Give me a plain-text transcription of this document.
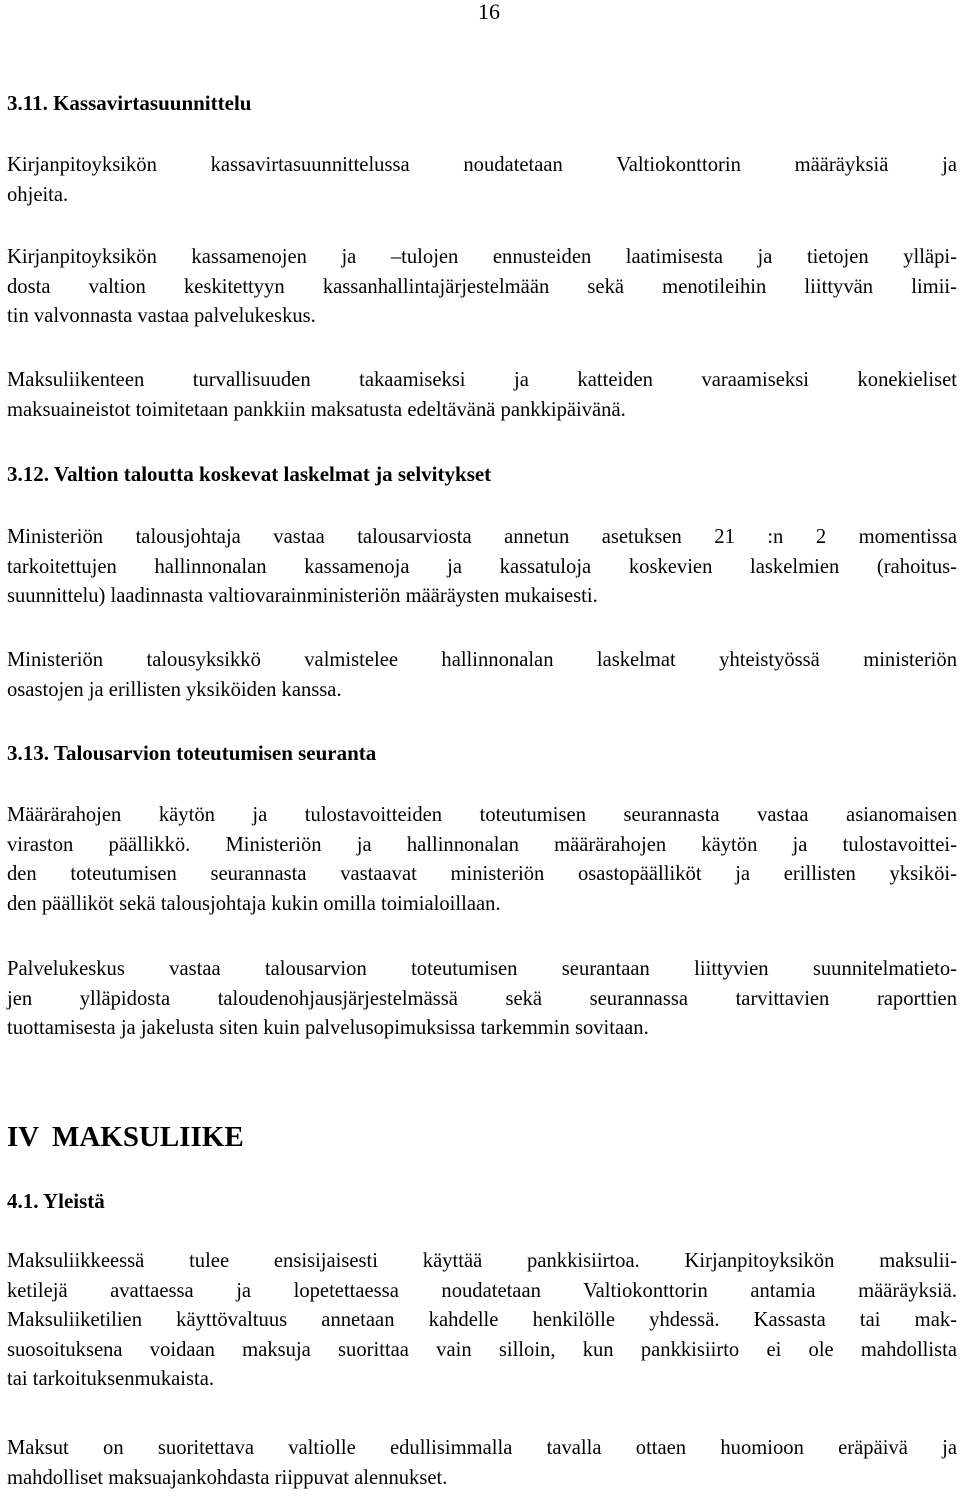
16
3.11. Kassavirtasuunnittelu

Kirjanpitoyksikön kassavirtasuunnittelussa noudatetaan Valtiokonttorin määräyksiä ja
ohjeita.

Kirjanpitoyksikön kassamenojen ja –tulojen ennusteiden laatimisesta ja tietojen ylläpi-
dosta valtion keskitettyyn kassanhallintajärjestelmään sekä menotileihin liittyvän limii-
tin valvonnasta vastaa palvelukeskus.

Maksuliikenteen turvallisuuden takaamiseksi ja katteiden varaamiseksi konekieliset
maksuaineistot toimitetaan pankkiin maksatusta edeltävänä pankkipäivänä.

3.12. Valtion taloutta koskevat laskelmat ja selvitykset

Ministeriön talousjohtaja vastaa talousarviosta annetun asetuksen 21 :n 2 momentissa
tarkoitettujen hallinnonalan kassamenoja ja kassatuloja koskevien laskelmien (rahoitus-
suunnittelu) laadinnasta valtiovarainministeriön määräysten mukaisesti.

Ministeriön talousyksikkö valmistelee hallinnonalan laskelmat yhteistyössä ministeriön
osastojen ja erillisten yksiköiden kanssa.

3.13. Talousarvion toteutumisen seuranta

Määrärahojen käytön ja tulostavoitteiden toteutumisen seurannasta vastaa asianomaisen
viraston päällikkö. Ministeriön ja hallinnonalan määrärahojen käytön ja tulostavoittei-
den toteutumisen seurannasta vastaavat ministeriön osastopäälliköt ja erillisten yksiköi-
den päälliköt sekä talousjohtaja kukin omilla toimialoillaan.

Palvelukeskus vastaa talousarvion toteutumisen seurantaan liittyvien suunnitelmatieto-
jen ylläpidosta taloudenohjausjärjestelmässä sekä seurannassa tarvittavien raporttien
tuottamisesta ja jakelusta siten kuin palvelusopimuksissa tarkemmin sovitaan.

IV MAKSULIIKE
4.1. Yleistä

Maksuliikkeessä tulee ensisijaisesti käyttää pankkisiirtoa. Kirjanpitoyksikön maksulii-
ketilejä avattaessa ja lopetettaessa noudatetaan Valtiokonttorin antamia määräyksiä.
Maksuliiketilien käyttövaltuus annetaan kahdelle henkilölle yhdessä. Kassasta tai mak-
suosoituksena voidaan maksuja suorittaa vain silloin, kun pankkisiirto ei ole mahdollista
tai tarkoituksenmukaista.

Maksut on suoritettava valtiolle edullisimmalla tavalla ottaen huomioon eräpäivä ja
mahdolliset maksuajankohdasta riippuvat alennukset.
